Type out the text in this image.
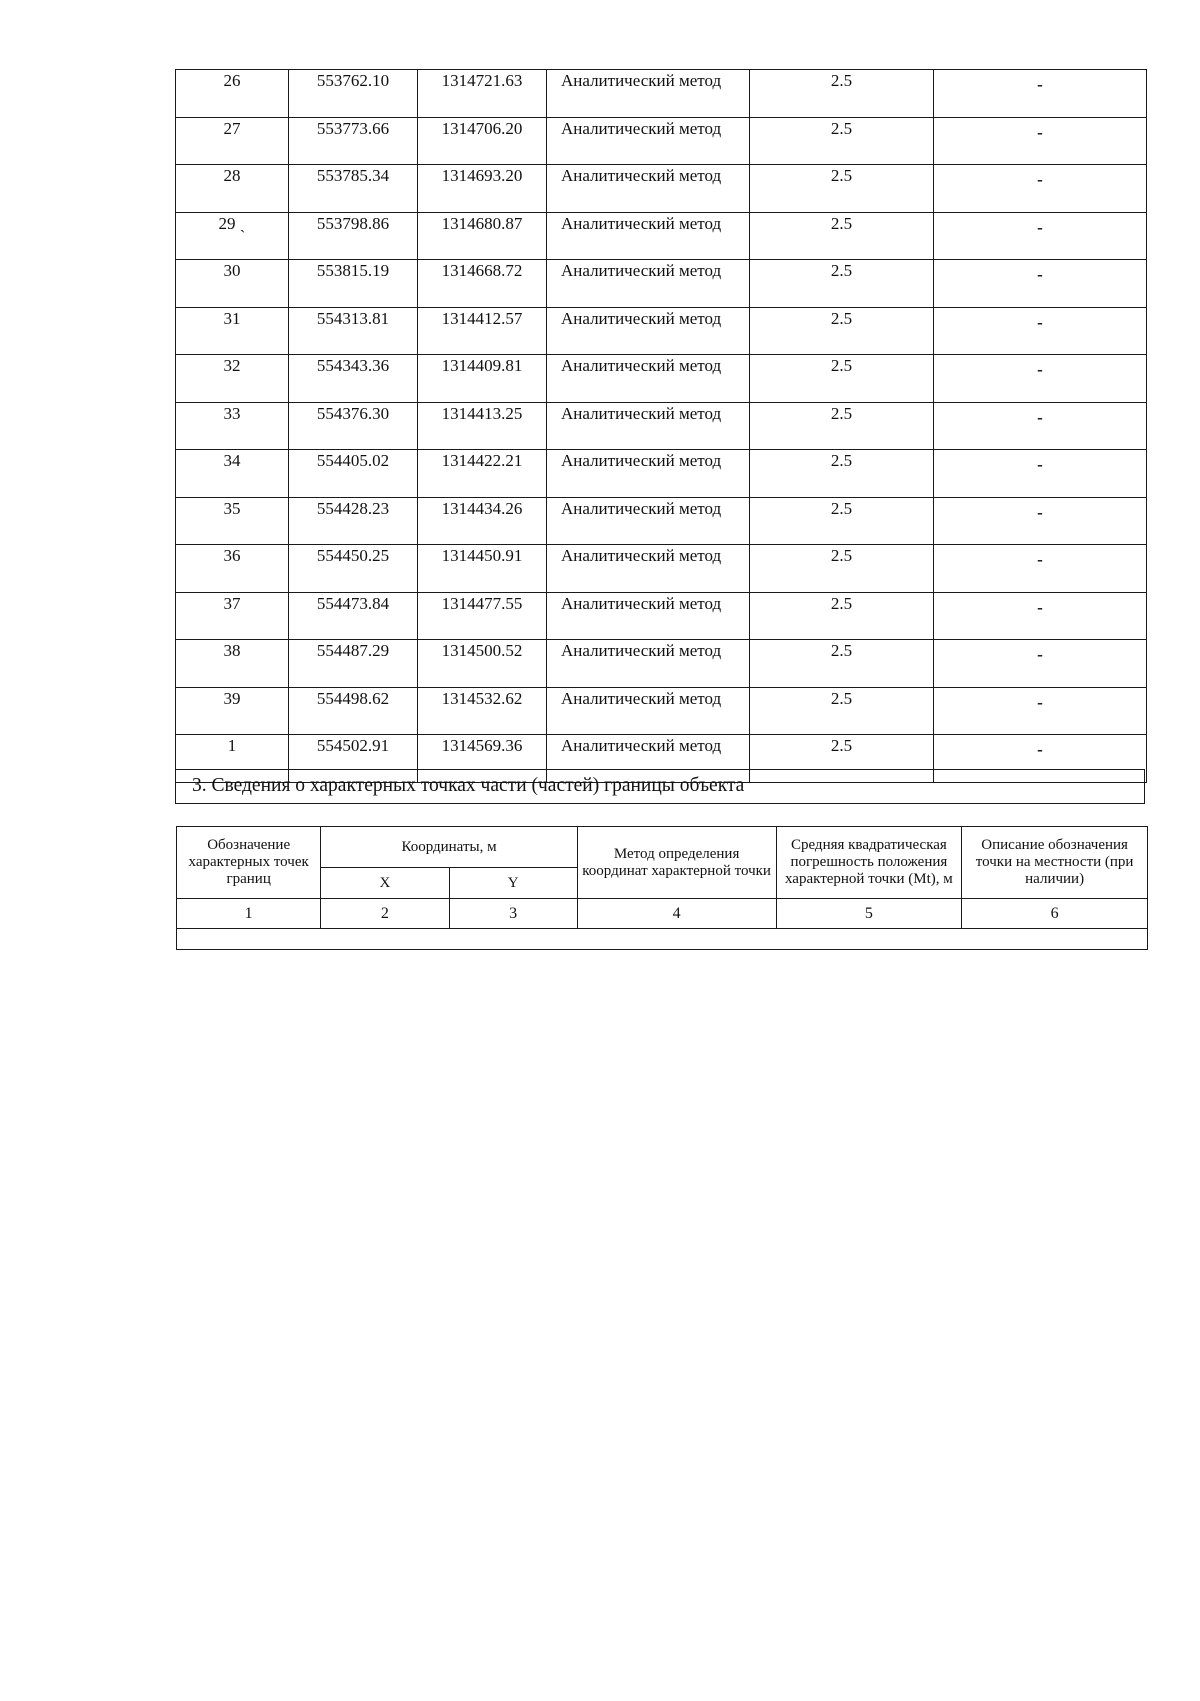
26	553762.10	1314721.63	Аналитический метод	2.5	-
27	553773.66	1314706.20	Аналитический метод	2.5	-
28	553785.34	1314693.20	Аналитический метод	2.5	-
29 ˎ	553798.86	1314680.87	Аналитический метод	2.5	-
30	553815.19	1314668.72	Аналитический метод	2.5	-
31	554313.81	1314412.57	Аналитический метод	2.5	-
32	554343.36	1314409.81	Аналитический метод	2.5	-
33	554376.30	1314413.25	Аналитический метод	2.5	-
34	554405.02	1314422.21	Аналитический метод	2.5	-
35	554428.23	1314434.26	Аналитический метод	2.5	-
36	554450.25	1314450.91	Аналитический метод	2.5	-
37	554473.84	1314477.55	Аналитический метод	2.5	-
38	554487.29	1314500.52	Аналитический метод	2.5	-
39	554498.62	1314532.62	Аналитический метод	2.5	-
1	554502.91	1314569.36	Аналитический метод	2.5	-
3. Сведения о характерных точках части (частей) границы объекта
Обозначение характерных точек границ	Координаты, м		Метод определения координат характерной точки	Средняя квадратическая погрешность положения характерной точки (Mt), м	Описание обозначения точки на местности (при наличии)
	X	Y			
1	2	3	4	5	6
